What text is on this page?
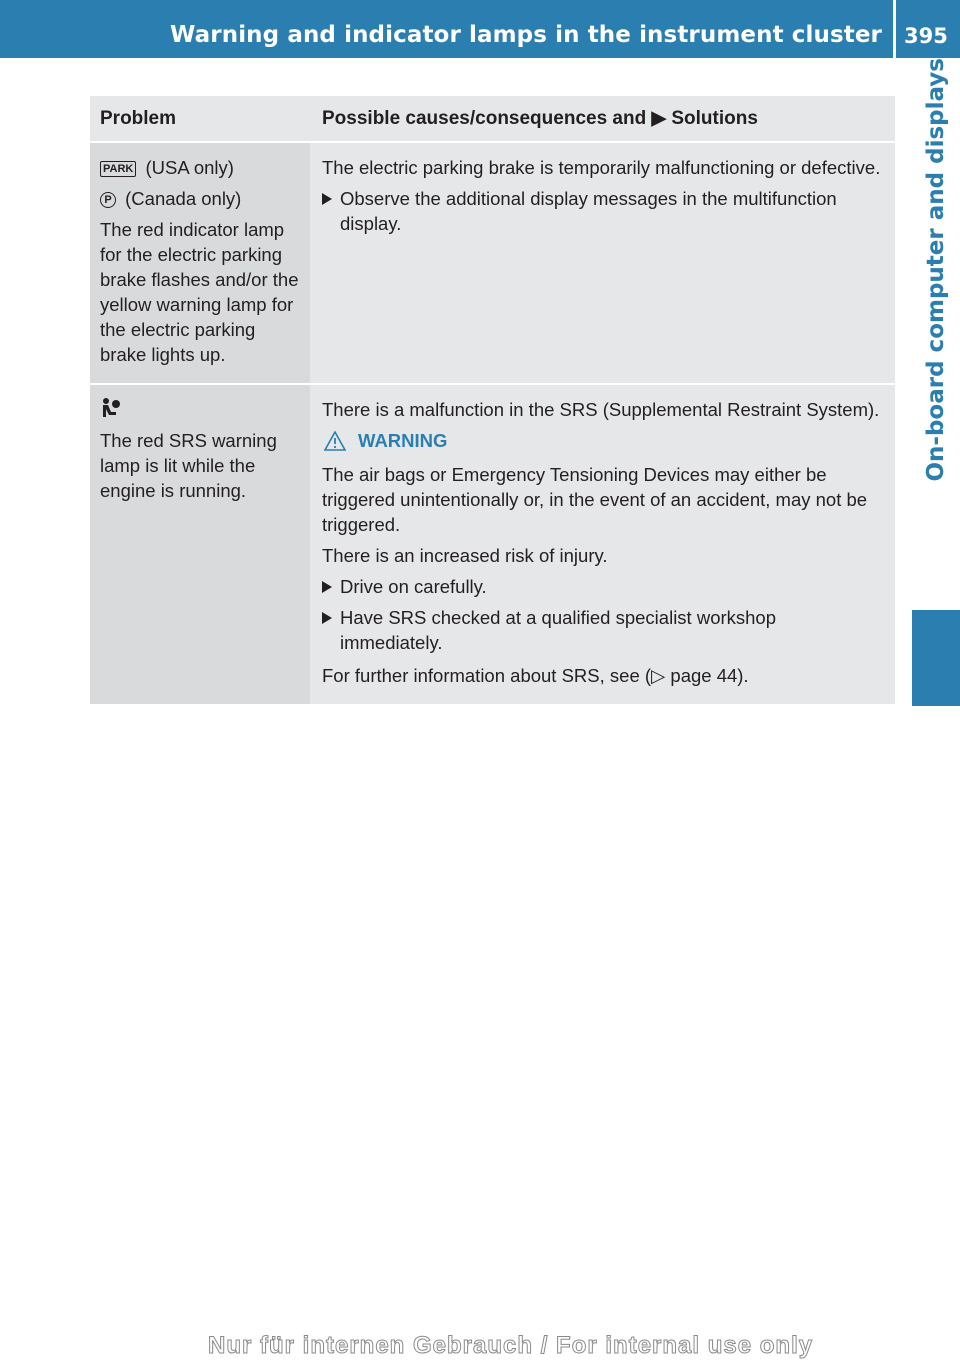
Warning and indicator lamps in the instrument cluster 395
On-board computer and displays
Problem	Possible causes/consequences and ▶ Solutions

PARK (USA only)

P (Canada only)

The red indicator lamp for the electric parking brake flashes and/or the yellow warning lamp for the electric parking brake lights up.

The electric parking brake is temporarily malfunctioning or defective.

Observe the additional display messages in the multifunction display.

The red SRS warning lamp is lit while the engine is running.

There is a malfunction in the SRS (Supplemental Restraint System).

WARNING

The air bags or Emergency Tensioning Devices may either be triggered unintentionally or, in the event of an accident, may not be triggered.

There is an increased risk of injury.

Drive on carefully.
Have SRS checked at a qualified specialist workshop immediately.

For further information about SRS, see (▷ page 44).

Nur für internen Gebrauch / For internal use only
